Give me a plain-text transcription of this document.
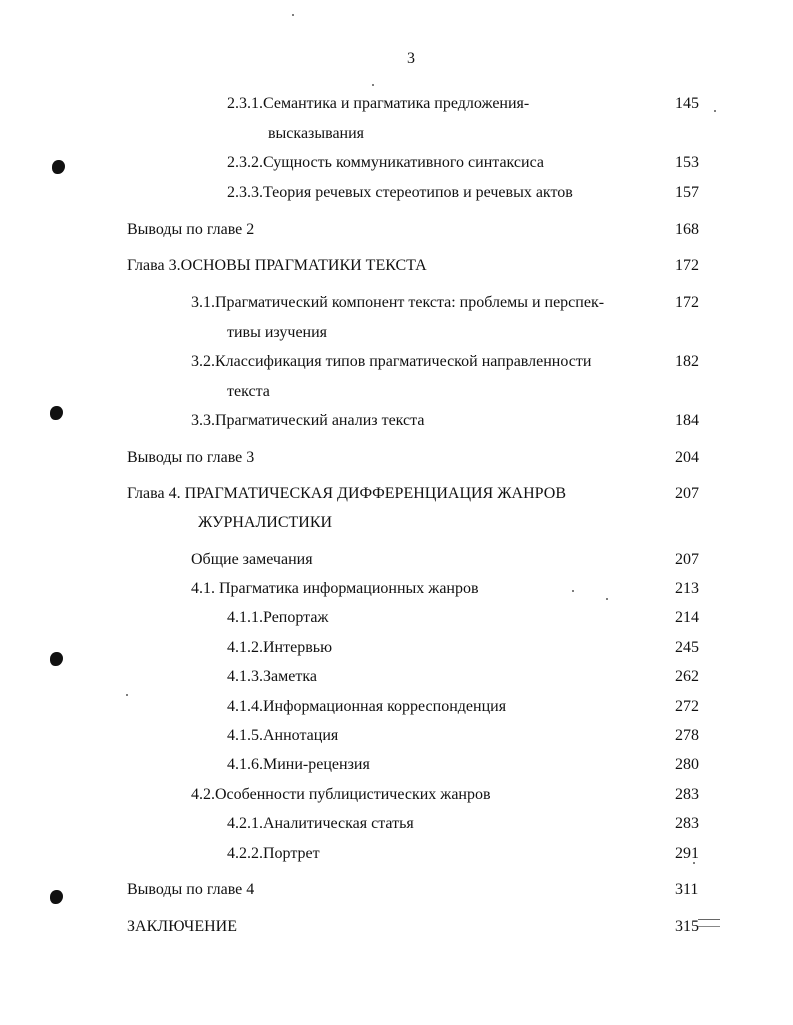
3
2.3.1.Семантика и прагматика предложения-	145
высказывания
2.3.2.Сущность коммуникативного синтаксиса	153
2.3.3.Теория речевых стереотипов и речевых актов	157
Выводы по главе 2	168
Глава 3.ОСНОВЫ ПРАГМАТИКИ ТЕКСТА	172
3.1.Прагматический компонент текста: проблемы и перспек-	172
тивы изучения
3.2.Классификация типов прагматической направленности	182
текста
3.3.Прагматический анализ текста	184
Выводы по главе 3	204
Глава 4. ПРАГМАТИЧЕСКАЯ ДИФФЕРЕНЦИАЦИЯ ЖАНРОВ	207
ЖУРНАЛИСТИКИ
Общие замечания	207
4.1. Прагматика информационных жанров	213
4.1.1.Репортаж	214
4.1.2.Интервью	245
4.1.3.Заметка	262
4.1.4.Информационная корреспонденция	272
4.1.5.Аннотация	278
4.1.6.Мини-рецензия	280
4.2.Особенности публицистических жанров	283
4.2.1.Аналитическая статья	283
4.2.2.Портрет	291
Выводы по главе 4	311
ЗАКЛЮЧЕНИЕ	315
